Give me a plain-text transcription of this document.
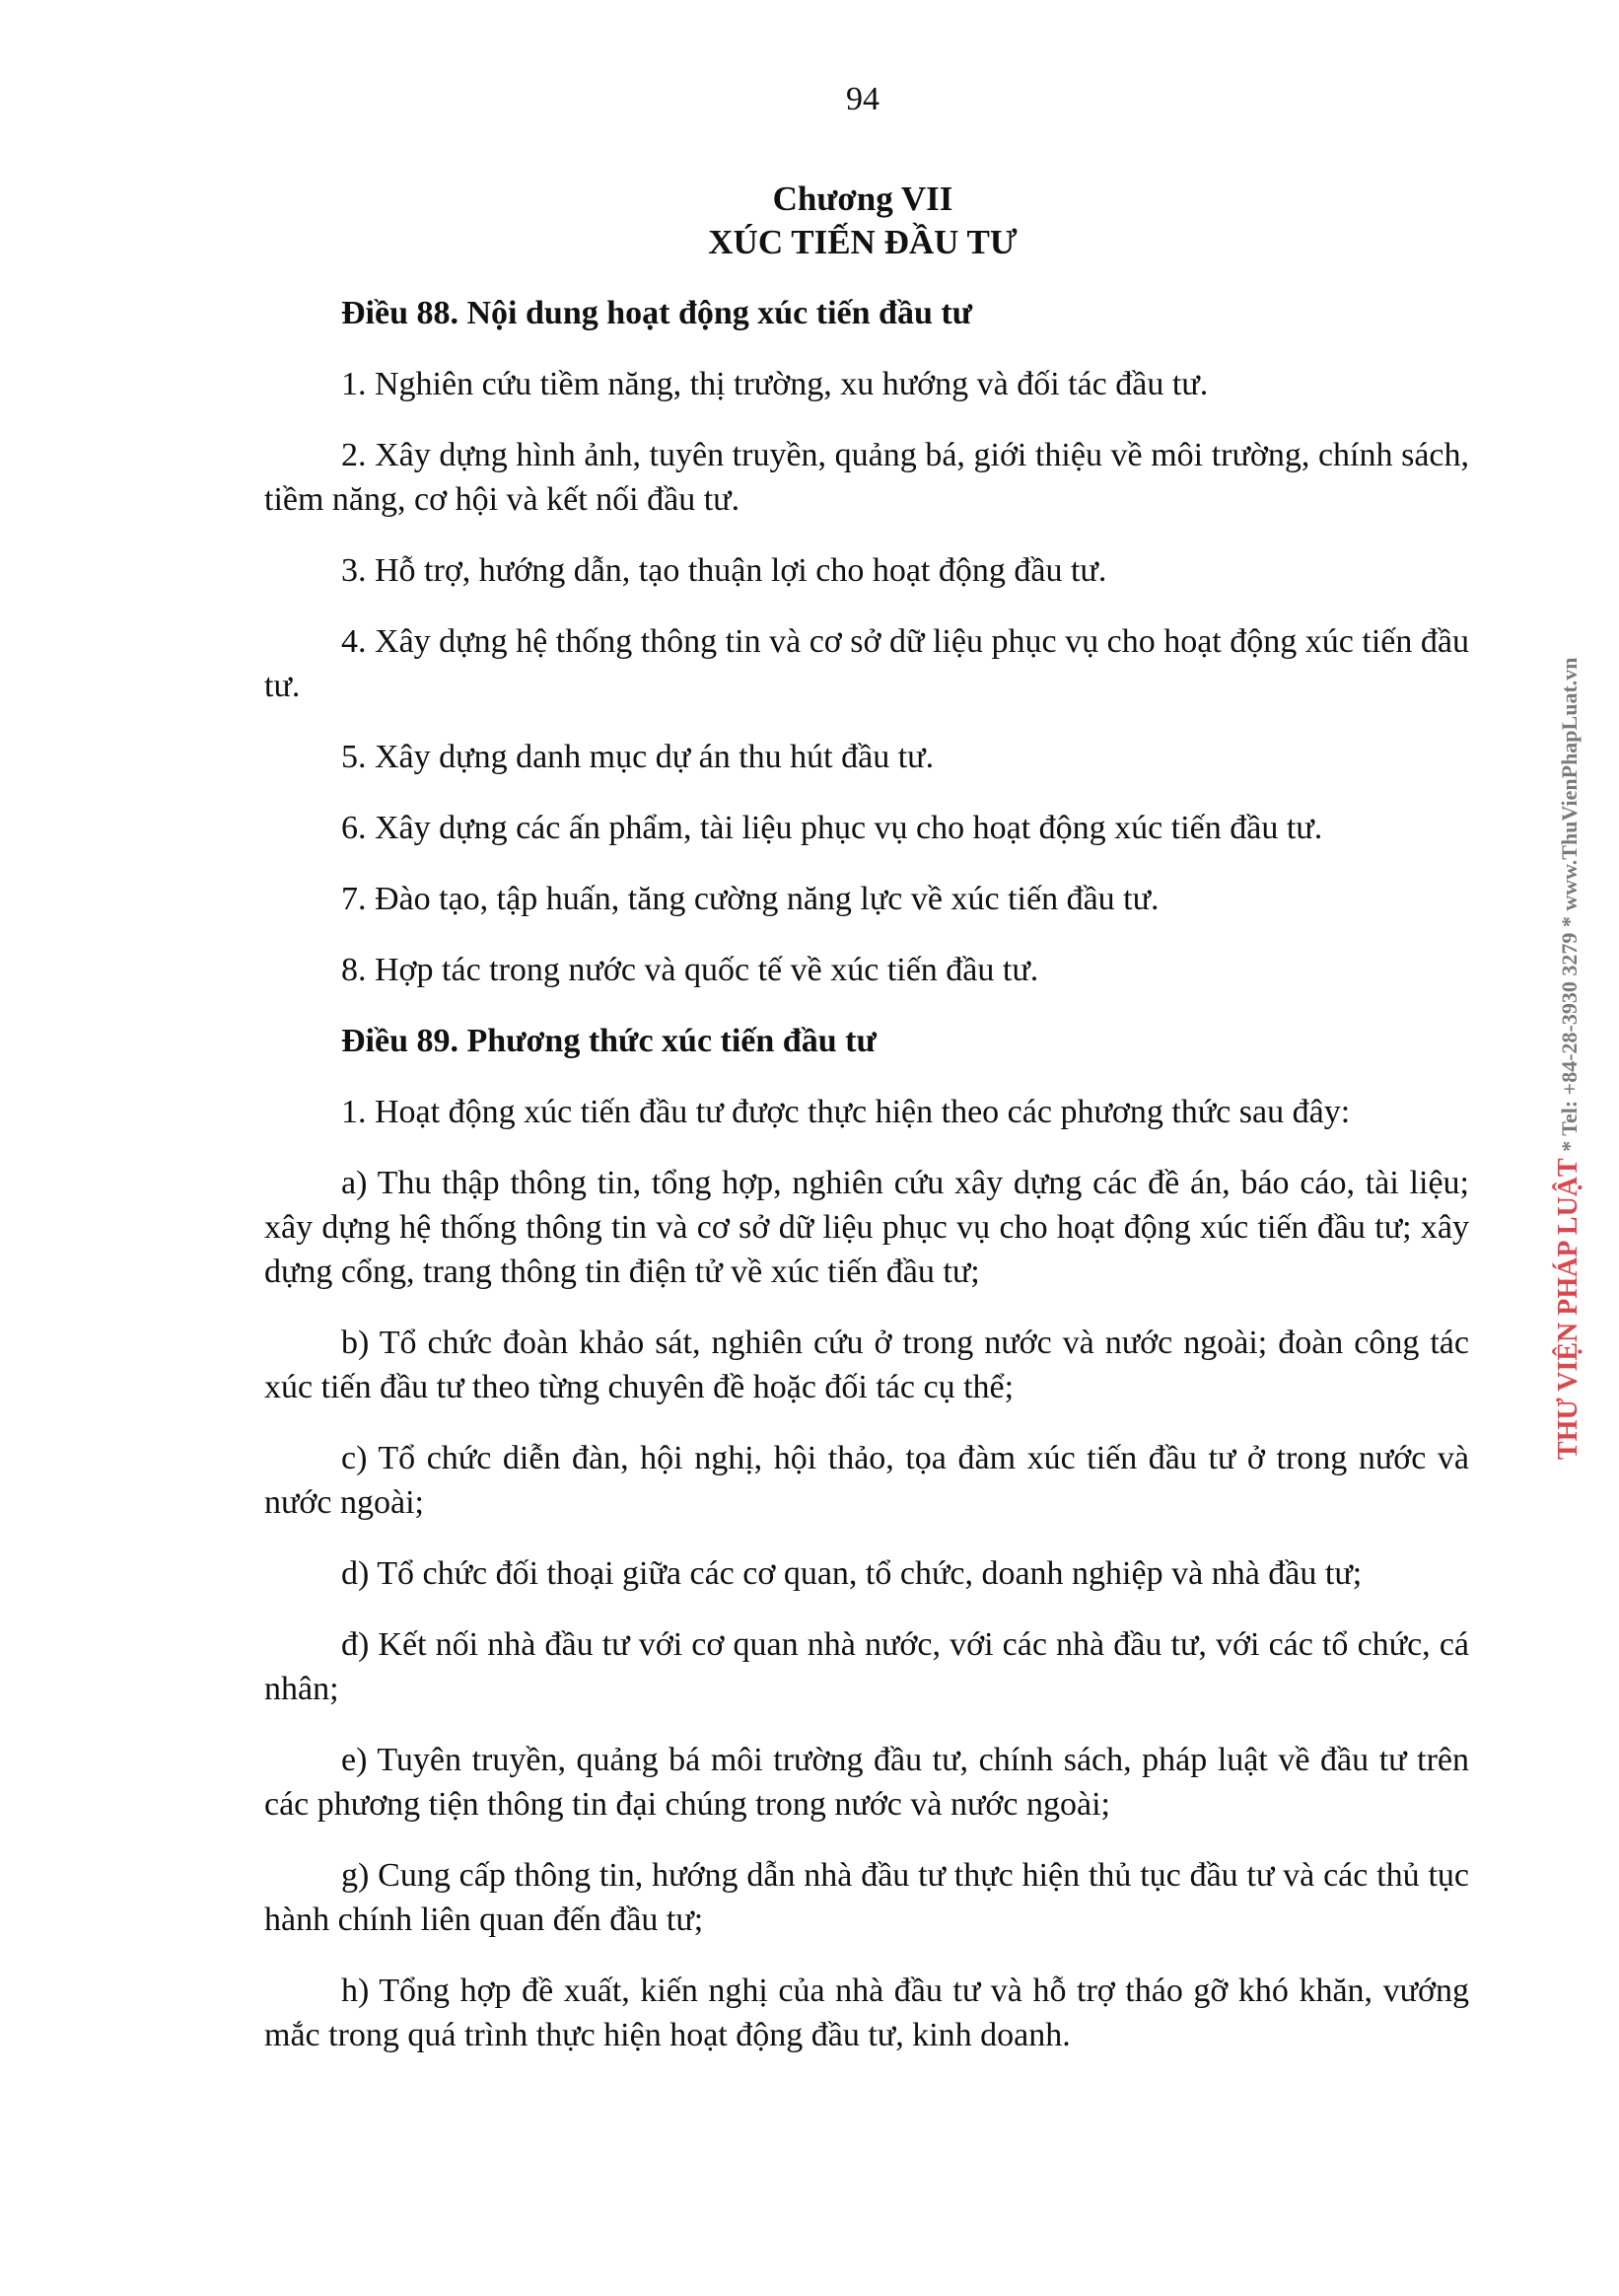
94
Chương VII
XÚC TIẾN ĐẦU TƯ
Điều 88. Nội dung hoạt động xúc tiến đầu tư
1. Nghiên cứu tiềm năng, thị trường, xu hướng và đối tác đầu tư.
2. Xây dựng hình ảnh, tuyên truyền, quảng bá, giới thiệu về môi trường, chính sách, tiềm năng, cơ hội và kết nối đầu tư.
3. Hỗ trợ, hướng dẫn, tạo thuận lợi cho hoạt động đầu tư.
4. Xây dựng hệ thống thông tin và cơ sở dữ liệu phục vụ cho hoạt động xúc tiến đầu tư.
5. Xây dựng danh mục dự án thu hút đầu tư.
6. Xây dựng các ấn phẩm, tài liệu phục vụ cho hoạt động xúc tiến đầu tư.
7. Đào tạo, tập huấn, tăng cường năng lực về xúc tiến đầu tư.
8. Hợp tác trong nước và quốc tế về xúc tiến đầu tư.
Điều 89. Phương thức xúc tiến đầu tư
1. Hoạt động xúc tiến đầu tư được thực hiện theo các phương thức sau đây:
a) Thu thập thông tin, tổng hợp, nghiên cứu xây dựng các đề án, báo cáo, tài liệu; xây dựng hệ thống thông tin và cơ sở dữ liệu phục vụ cho hoạt động xúc tiến đầu tư; xây dựng cổng, trang thông tin điện tử về xúc tiến đầu tư;
b) Tổ chức đoàn khảo sát, nghiên cứu ở trong nước và nước ngoài; đoàn công tác xúc tiến đầu tư theo từng chuyên đề hoặc đối tác cụ thể;
c) Tổ chức diễn đàn, hội nghị, hội thảo, tọa đàm xúc tiến đầu tư ở trong nước và nước ngoài;
d) Tổ chức đối thoại giữa các cơ quan, tổ chức, doanh nghiệp và nhà đầu tư;
đ) Kết nối nhà đầu tư với cơ quan nhà nước, với các nhà đầu tư, với các tổ chức, cá nhân;
e) Tuyên truyền, quảng bá môi trường đầu tư, chính sách, pháp luật về đầu tư trên các phương tiện thông tin đại chúng trong nước và nước ngoài;
g) Cung cấp thông tin, hướng dẫn nhà đầu tư thực hiện thủ tục đầu tư và các thủ tục hành chính liên quan đến đầu tư;
h) Tổng hợp đề xuất, kiến nghị của nhà đầu tư và hỗ trợ tháo gỡ khó khăn, vướng mắc trong quá trình thực hiện hoạt động đầu tư, kinh doanh.
THƯ VIỆN PHÁP LUẬT * Tel: +84-28-3930 3279 * www.ThuVienPhapLuat.vn
